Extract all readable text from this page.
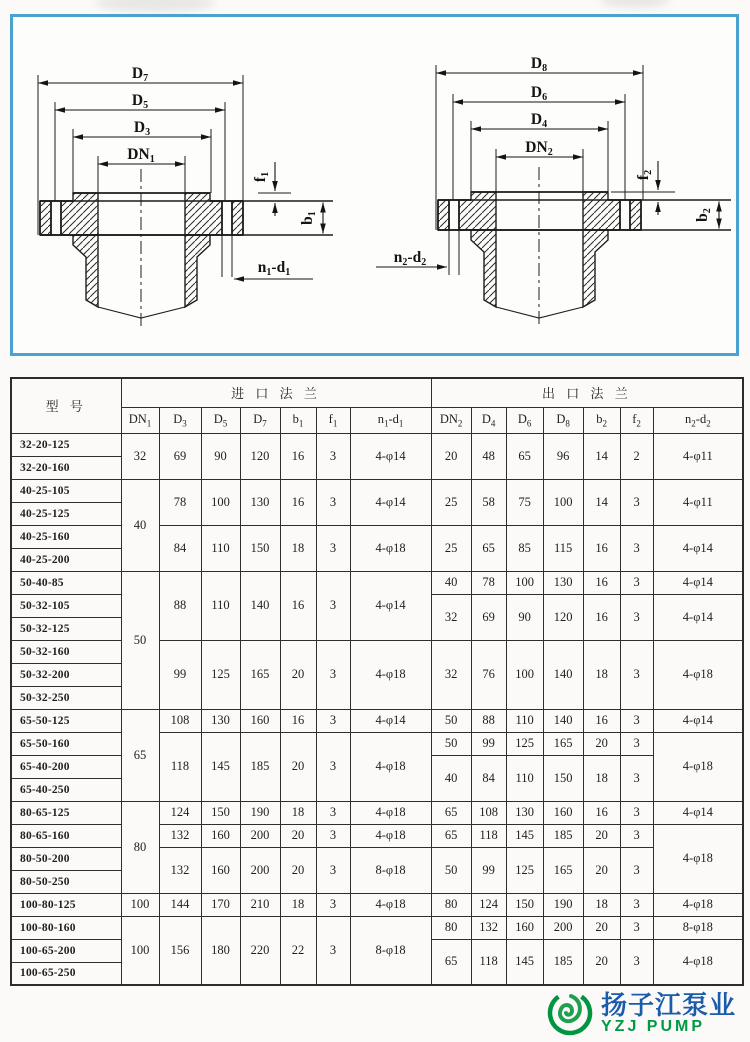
D7
D5
D3
DN1
f1
b1
n1-d1
D8
D6
D4
DN2
f2
b2
n2-d2
型 号	进 口 法 兰							出 口 法 兰						
	$DN_1$	$D_3$	$D_5$	$D_7$	$b_1$	$f_1$	$n_1-d_1$	$DN_2$	$D_4$	$D_6$	$D_8$	$b_2$	$f_2$	$n_2-d_2$
32-20-125	32	69	90	120	16	3	4-φ14	20	48	65	96	14	2	4-φ11
32-20-160														
40-25-105	40	78	100	130	16	3	4-φ14	25	58	75	100	14	3	4-φ11
40-25-125														
40-25-160		84	110	150	18	3	4-φ18	25	65	85	115	16	3	4-φ14
40-25-200														
50-40-85	50	88	110	140	16	3	4-φ14	40	78	100	130	16	3	4-φ14
50-32-105								32	69	90	120	16	3	4-φ14
50-32-125														
50-32-160		99	125	165	20	3	4-φ18	32	76	100	140	18	3	4-φ18
50-32-200														
50-32-250														
65-50-125	65	108	130	160	16	3	4-φ14	50	88	110	140	16	3	4-φ14
65-50-160		118	145	185	20	3	4-φ18	50	99	125	165	20	3	4-φ18
65-40-200								40	84	110	150	18	3	
65-40-250														
80-65-125	80	124	150	190	18	3	4-φ18	65	108	130	160	16	3	4-φ14
80-65-160		132	160	200	20	3	4-φ18	65	118	145	185	20	3	4-φ18
80-50-200		132	160	200	20	3	8-φ18	50	99	125	165	20	3	
80-50-250														
100-80-125	100	144	170	210	18	3	4-φ18	80	124	150	190	18	3	4-φ18
100-80-160	100	156	180	220	22	3	8-φ18	80	132	160	200	20	3	8-φ18
100-65-200								65	118	145	185	20	3	4-φ18
100-65-250														
扬子江泵业
YZJ PUMP
